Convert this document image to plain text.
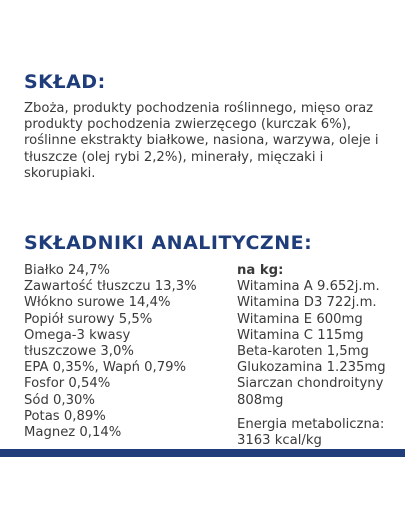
SKŁAD:

Zboża, produkty pochodzenia roślinnego, mięso oraz produkty pochodzenia zwierzęcego (kurczak 6%), roślinne ekstrakty białkowe, nasiona, warzywa, oleje i tłuszcze (olej rybi 2,2%), minerały, mięczaki i skorupiaki.

SKŁADNIKI ANALITYCZNE:
Białko 24,7%
Zawartość tłuszczu 13,3%
Włókno surowe 14,4%
Popiół surowy 5,5%
Omega-3 kwasy
tłuszczowe 3,0%
EPA 0,35%, Wapń 0,79%
Fosfor 0,54%
Sód 0,30%
Potas 0,89%
Magnez 0,14%
na kg:
Witamina A 9.652j.m.
Witamina D3 722j.m.
Witamina E 600mg
Witamina C 115mg
Beta-karoten 1,5mg
Glukozamina 1.235mg
Siarczan chondroityny 808mg
Energia metaboliczna: 3163 kcal/kg
